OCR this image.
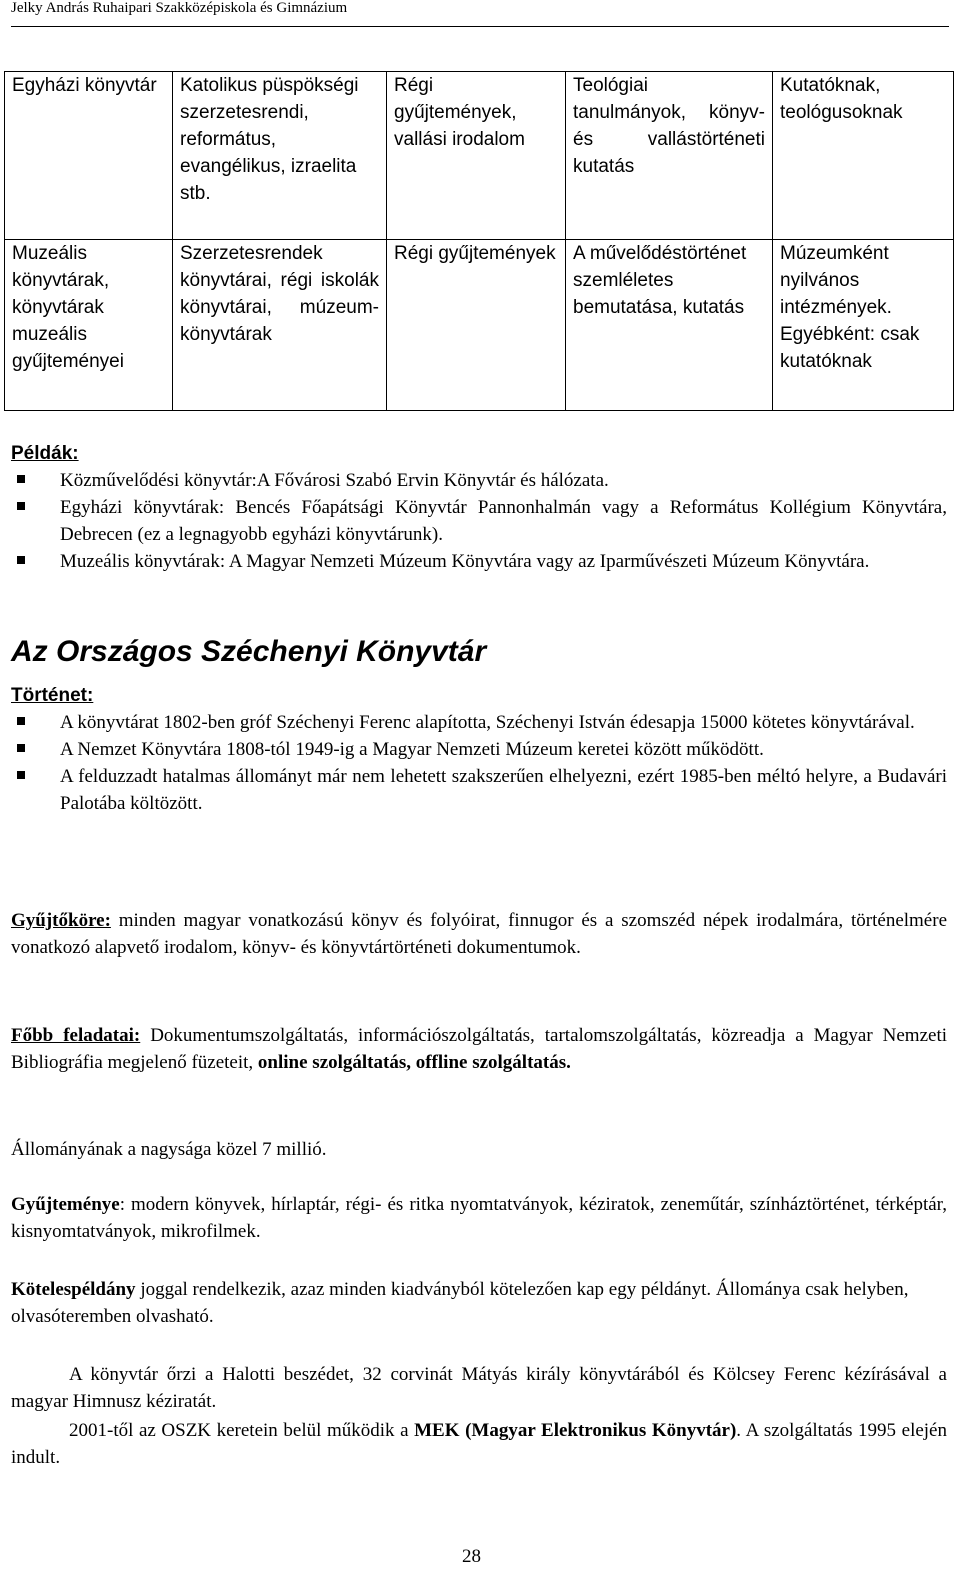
Jelky András Ruhaipari Szakközépiskola és Gimnázium
Egyházi könyvtár	Katolikus püspökségi szerzetesrendi, református, evangélikus, izraelita stb.	Régi gyűjtemények, vallási irodalom	Teológiai tanulmányok, könyv- és vallástörténeti kutatás	Kutatóknak, teológusoknak
Muzeális könyvtárak, könyvtárak muzeális gyűjteményei	Szerzetesrendek könyvtárai, régi iskolák könyvtárai, múzeum-könyvtárak	Régi gyűjtemények	A művelődéstörténet szemléletes bemutatása, kutatás	Múzeumként nyilvános intézmények. Egyébként: csak kutatóknak
Példák:
Közművelődési könyvtár:A Fővárosi Szabó Ervin Könyvtár és hálózata.
Egyházi könyvtárak: Bencés Főapátsági Könyvtár Pannonhalmán vagy a Református Kollégium Könyvtára, Debrecen (ez a legnagyobb egyházi könyvtárunk).
Muzeális könyvtárak: A Magyar Nemzeti Múzeum Könyvtára vagy az Iparművészeti Múzeum Könyvtára.
Az Országos Széchenyi Könyvtár
Történet:
A könyvtárat 1802-ben gróf Széchenyi Ferenc alapította, Széchenyi István édesapja 15000 kötetes könyvtárával.
A Nemzet Könyvtára 1808-tól 1949-ig a Magyar Nemzeti Múzeum keretei között működött.
A felduzzadt hatalmas állományt már nem lehetett szakszerűen elhelyezni, ezért 1985-ben méltó helyre, a Budavári Palotába költözött.
Gyűjtőköre: minden magyar vonatkozású könyv és folyóirat, finnugor és a szomszéd népek irodalmára, történelmére vonatkozó alapvető irodalom, könyv- és könyvtártörténeti dokumentumok.
Főbb feladatai: Dokumentumszolgáltatás, információszolgáltatás, tartalomszolgáltatás, közreadja a Magyar Nemzeti Bibliográfia megjelenő füzeteit, online szolgáltatás, offline szolgáltatás.
Állományának a nagysága közel 7 millió.
Gyűjteménye: modern könyvek, hírlaptár, régi- és ritka nyomtatványok, kéziratok, zeneműtár, színháztörténet, térképtár, kisnyomtatványok, mikrofilmek.
Kötelespéldány joggal rendelkezik, azaz minden kiadványból kötelezően kap egy példányt. Állománya csak helyben, olvasóteremben olvasható.
A könyvtár őrzi a Halotti beszédet, 32 corvinát Mátyás király könyvtárából és Kölcsey Ferenc kézírásával a magyar Himnusz kéziratát.
2001-től az OSZK keretein belül működik a MEK (Magyar Elektronikus Könyvtár). A szolgáltatás 1995 elején indult.
28
